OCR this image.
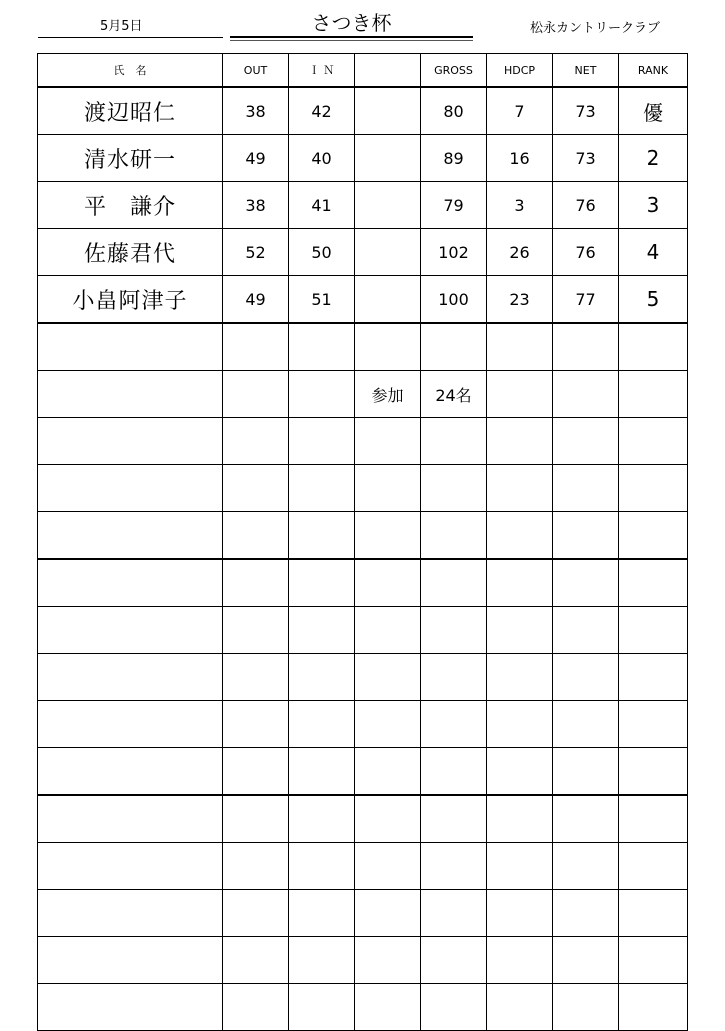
5月5日	さつき杯	松永カントリークラブ
氏　名	OUT	Ｉ Ｎ		GROSS	HDCP	NET	RANK
渡辺昭仁	38	42		80	7	73	優
清水研一	49	40		89	16	73	2
平　謙介	38	41		79	3	76	3
佐藤君代	52	50		102	26	76	4
小畠阿津子	49	51		100	23	77	5

			参加	24名			
